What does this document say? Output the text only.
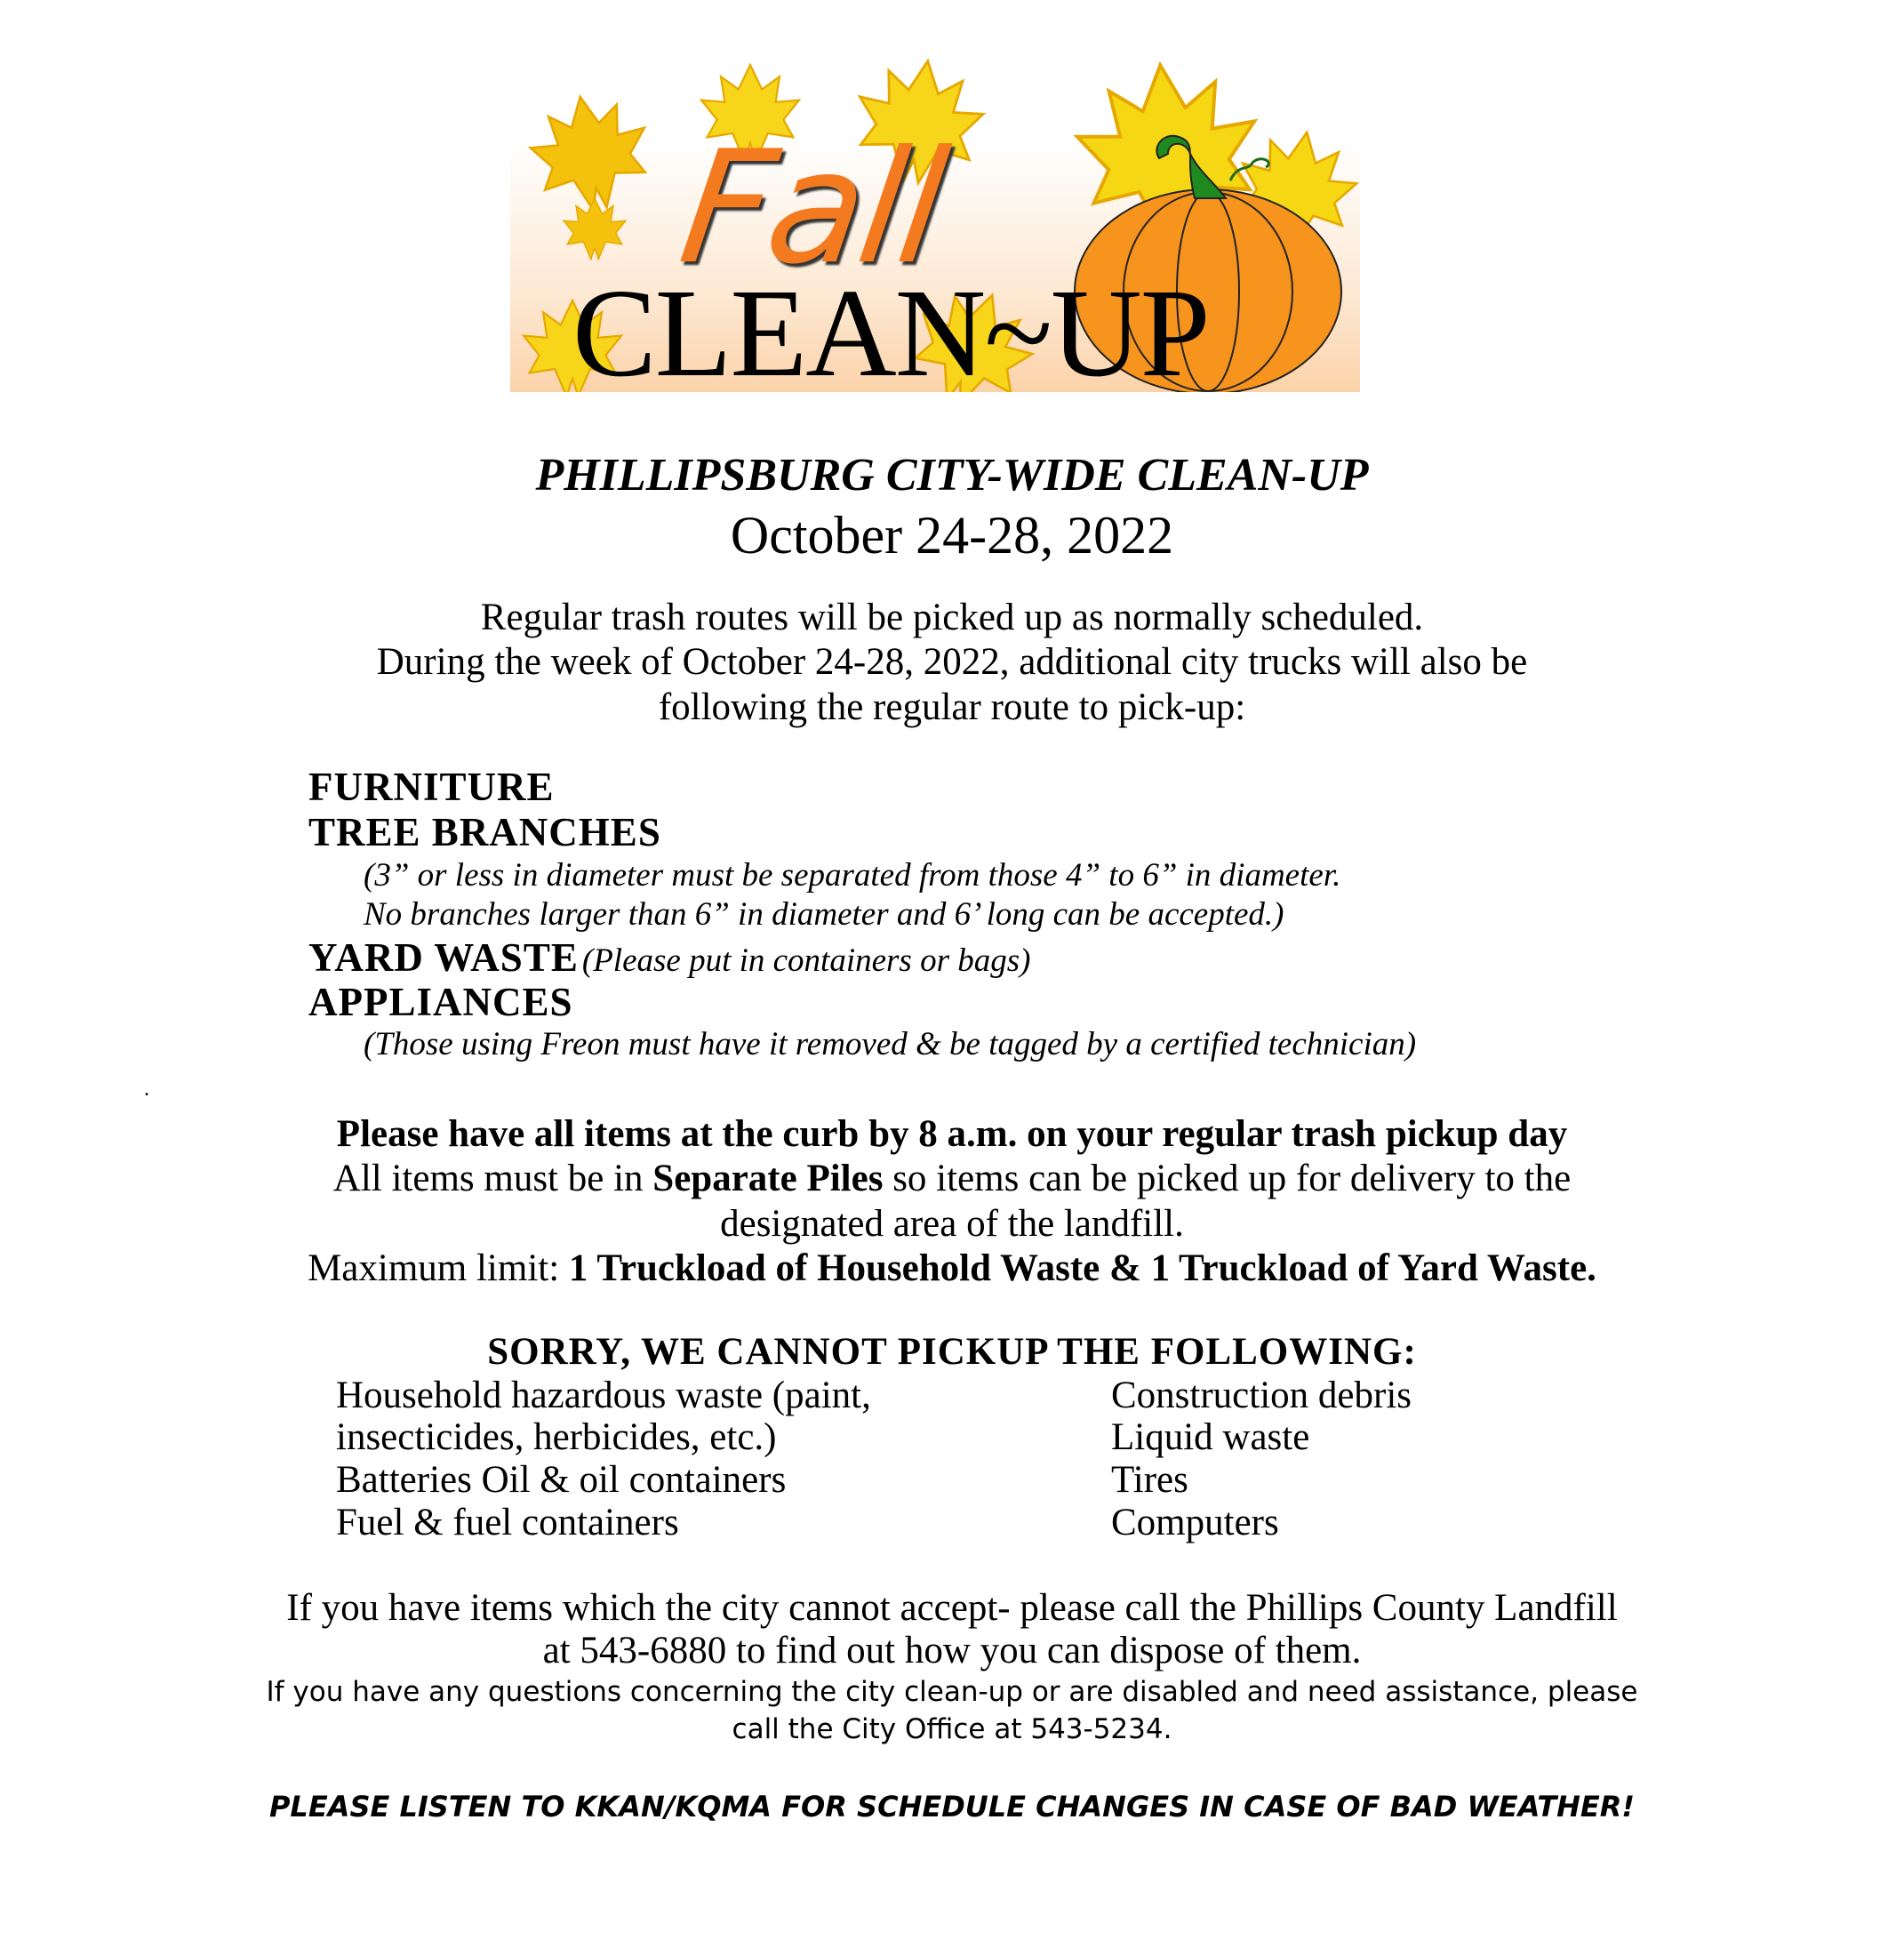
Fall
CLEAN~UP
PHILLIPSBURG CITY-WIDE CLEAN-UP
October 24-28, 2022
Regular trash routes will be picked up as normally scheduled.
During the week of October 24-28, 2022, additional city trucks will also be
following the regular route to pick-up:
FURNITURE
TREE BRANCHES
(3” or less in diameter must be separated from those 4” to 6” in diameter.
No branches larger than 6” in diameter and 6’ long can be accepted.)
YARD WASTE (Please put in containers or bags)
APPLIANCES
(Those using Freon must have it removed & be tagged by a certified technician)
.
Please have all items at the curb by 8 a.m. on your regular trash pickup day
All items must be in Separate Piles so items can be picked up for delivery to the
designated area of the landfill.
Maximum limit: 1 Truckload of Household Waste & 1 Truckload of Yard Waste.
SORRY, WE CANNOT PICKUP THE FOLLOWING:
Household hazardous waste (paint,
insecticides, herbicides, etc.)
Batteries Oil & oil containers
Fuel & fuel containers
Construction debris
Liquid waste
Tires
Computers
If you have items which the city cannot accept- please call the Phillips County Landfill
at 543-6880 to find out how you can dispose of them.
If you have any questions concerning the city clean-up or are disabled and need assistance, please
call the City Office at 543-5234.
PLEASE LISTEN TO KKAN/KQMA FOR SCHEDULE CHANGES IN CASE OF BAD WEATHER!
